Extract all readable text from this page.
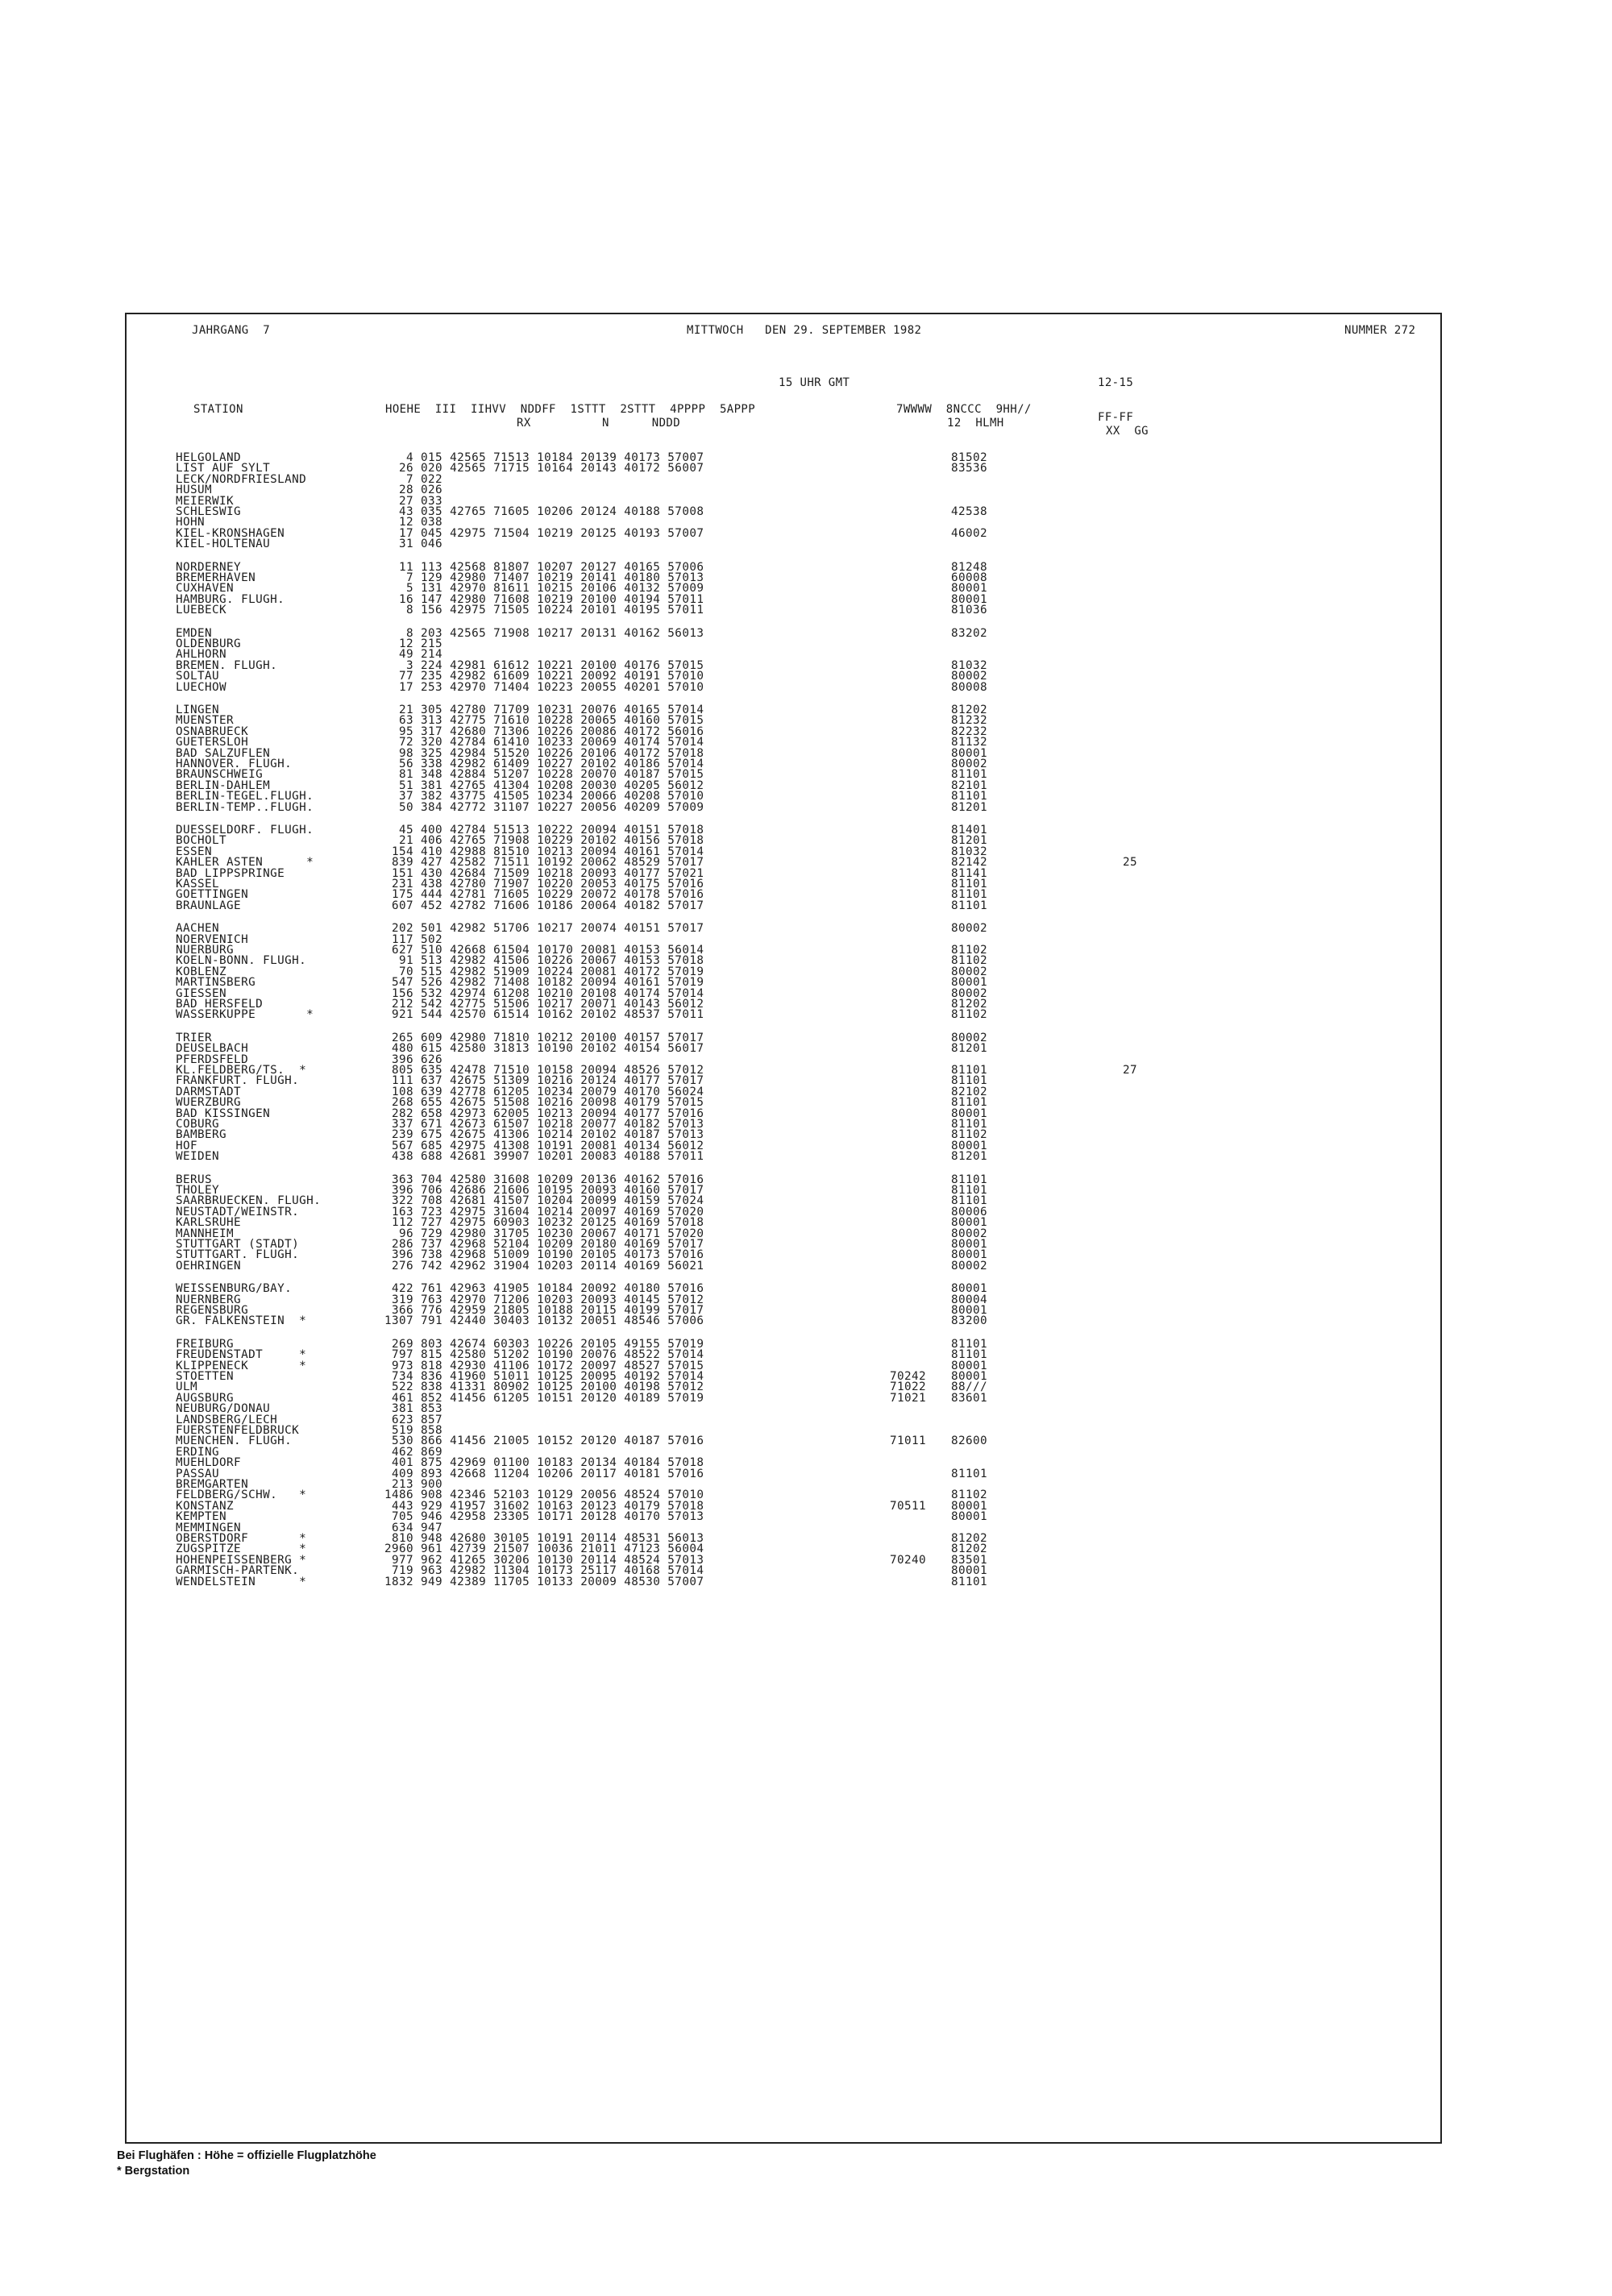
JAHRGANG  7	MITTWOCH   DEN 29. SEPTEMBER 1982	NUMMER 272
15 UHR GMT	12-15
STATION	HOEHE  III  IIHVV  NDDFF  1STTT  2STTT  4PPPP  5APPP	7WWWW  8NCCC  9HH//
FF-FF
RX          N      NDDD	12  HLMH
XX  GG
HELGOLAND	4 015 42565 71513 10184 20139 40173 57007	81502
LIST AUF SYLT	26 020 42565 71715 10164 20143 40172 56007	83536
LECK/NORDFRIESLAND	7 022
HUSUM	28 026
MEIERWIK	27 033
SCHLESWIG	43 035 42765 71605 10206 20124 40188 57008	42538
HOHN	12 038
KIEL-KRONSHAGEN	17 045 42975 71504 10219 20125 40193 57007	46002
KIEL-HOLTENAU	31 046
NORDERNEY	11 113 42568 81807 10207 20127 40165 57006	81248
BREMERHAVEN	7 129 42980 71407 10219 20141 40180 57013	60008
CUXHAVEN	5 131 42970 81611 10215 20106 40132 57009	80001
HAMBURG. FLUGH.	16 147 42980 71608 10219 20100 40194 57011	80001
LUEBECK	8 156 42975 71505 10224 20101 40195 57011	81036
EMDEN	8 203 42565 71908 10217 20131 40162 56013	83202
OLDENBURG	12 215
AHLHORN	49 214
BREMEN. FLUGH.	3 224 42981 61612 10221 20100 40176 57015	81032
SOLTAU	77 235 42982 61609 10221 20092 40191 57010	80002
LUECHOW	17 253 42970 71404 10223 20055 40201 57010	80008
LINGEN	21 305 42780 71709 10231 20076 40165 57014	81202
MUENSTER	63 313 42775 71610 10228 20065 40160 57015	81232
OSNABRUECK	95 317 42680 71306 10226 20086 40172 56016	82232
GUETERSLOH	72 320 42784 61410 10233 20069 40174 57014	81132
BAD SALZUFLEN	98 325 42984 51520 10226 20106 40172 57018	80001
HANNOVER. FLUGH.	56 338 42982 61409 10227 20102 40186 57014	80002
BRAUNSCHWEIG	81 348 42884 51207 10228 20070 40187 57015	81101
BERLIN-DAHLEM	51 381 42765 41304 10208 20030 40205 56012	82101
BERLIN-TEGEL.FLUGH.	37 382 43775 41505 10234 20066 40208 57010	81101
BERLIN-TEMP..FLUGH.	50 384 42772 31107 10227 20056 40209 57009	81201
DUESSELDORF. FLUGH.	45 400 42784 51513 10222 20094 40151 57018	81401
BOCHOLT	21 406 42765 71908 10229 20102 40156 57018	81201
ESSEN	154 410 42988 81510 10213 20094 40161 57014	81032
KAHLER ASTEN      *	839 427 42582 71511 10192 20062 48529 57017	82142	25
BAD LIPPSPRINGE	151 430 42684 71509 10218 20093 40177 57021	81141
KASSEL	231 438 42780 71907 10220 20053 40175 57016	81101
GOETTINGEN	175 444 42781 71605 10229 20072 40178 57016	81101
BRAUNLAGE	607 452 42782 71606 10186 20064 40182 57017	81101
AACHEN	202 501 42982 51706 10217 20074 40151 57017	80002
NOERVENICH	117 502
NUERBURG	627 510 42668 61504 10170 20081 40153 56014	81102
KOELN-BONN. FLUGH.	91 513 42982 41506 10226 20067 40153 57018	81102
KOBLENZ	70 515 42982 51909 10224 20081 40172 57019	80002
MARTINSBERG	547 526 42982 71408 10182 20094 40161 57019	80001
GIESSEN	156 532 42974 61208 10210 20108 40174 57014	80002
BAD HERSFELD	212 542 42775 51506 10217 20071 40143 56012	81202
WASSERKUPPE       *	921 544 42570 61514 10162 20102 48537 57011	81102
TRIER	265 609 42980 71810 10212 20100 40157 57017	80002
DEUSELBACH	480 615 42580 31813 10190 20102 40154 56017	81201
PFERDSFELD	396 626
KL.FELDBERG/TS.  *	805 635 42478 71510 10158 20094 48526 57012	81101	27
FRANKFURT. FLUGH.	111 637 42675 51309 10216 20124 40177 57017	81101
DARMSTADT	108 639 42778 61205 10234 20079 40170 56024	82102
WUERZBURG	268 655 42675 51508 10216 20098 40179 57015	81101
BAD KISSINGEN	282 658 42973 62005 10213 20094 40177 57016	80001
COBURG	337 671 42673 61507 10218 20077 40182 57013	81101
BAMBERG	239 675 42675 41306 10214 20102 40187 57013	81102
HOF	567 685 42975 41308 10191 20081 40134 56012	80001
WEIDEN	438 688 42681 39907 10201 20083 40188 57011	81201
BERUS	363 704 42580 31608 10209 20136 40162 57016	81101
THOLEY	396 706 42686 21606 10195 20093 40160 57017	81101
SAARBRUECKEN. FLUGH.	322 708 42681 41507 10204 20099 40159 57024	81101
NEUSTADT/WEINSTR.	163 723 42975 31604 10214 20097 40169 57020	80006
KARLSRUHE	112 727 42975 60903 10232 20125 40169 57018	80001
MANNHEIM	96 729 42980 31705 10230 20067 40171 57020	80002
STUTTGART (STADT)	286 737 42968 52104 10209 20180 40169 57017	80001
STUTTGART. FLUGH.	396 738 42968 51009 10190 20105 40173 57016	80001
OEHRINGEN	276 742 42962 31904 10203 20114 40169 56021	80002
WEISSENBURG/BAY.	422 761 42963 41905 10184 20092 40180 57016	80001
NUERNBERG	319 763 42970 71206 10203 20093 40145 57012	80004
REGENSBURG	366 776 42959 21805 10188 20115 40199 57017	80001
GR. FALKENSTEIN  *	1307 791 42440 30403 10132 20051 48546 57006	83200
FREIBURG	269 803 42674 60303 10226 20105 49155 57019	81101
FREUDENSTADT     *	797 815 42580 51202 10190 20076 48522 57014	81101
KLIPPENECK       *	973 818 42930 41106 10172 20097 48527 57015	80001
STOETTEN	734 836 41960 51011 10125 20095 40192 57014	70242 80001
ULM	522 838 41331 80902 10125 20100 40198 57012	71022 88///
AUGSBURG	461 852 41456 61205 10151 20120 40189 57019	71021 83601
NEUBURG/DONAU	381 853
LANDSBERG/LECH	623 857
FUERSTENFELDBRUCK	519 858
MUENCHEN. FLUGH.	530 866 41456 21005 10152 20120 40187 57016	71011 82600
ERDING	462 869
MUEHLDORF	401 875 42969 01100 10183 20134 40184 57018
PASSAU	409 893 42668 11204 10206 20117 40181 57016	81101
BREMGARTEN	213 900
FELDBERG/SCHW.   *	1486 908 42346 52103 10129 20056 48524 57010	81102
KONSTANZ	443 929 41957 31602 10163 20123 40179 57018	70511 80001
KEMPTEN	705 946 42958 23305 10171 20128 40170 57013	80001
MEMMINGEN	634 947
OBERSTDORF       *	810 948 42680 30105 10191 20114 48531 56013	81202
ZUGSPITZE        *	2960 961 42739 21507 10036 21011 47123 56004	81202
HOHENPEISSENBERG *	977 962 41265 30206 10130 20114 48524 57013	70240 83501
GARMISCH-PARTENK.	719 963 42982 11304 10173 25117 40168 57014	80001
WENDELSTEIN      *	1832 949 42389 11705 10133 20009 48530 57007	81101
Bei Flughäfen : Höhe = offizielle Flugplatzhöhe
* Bergstation
